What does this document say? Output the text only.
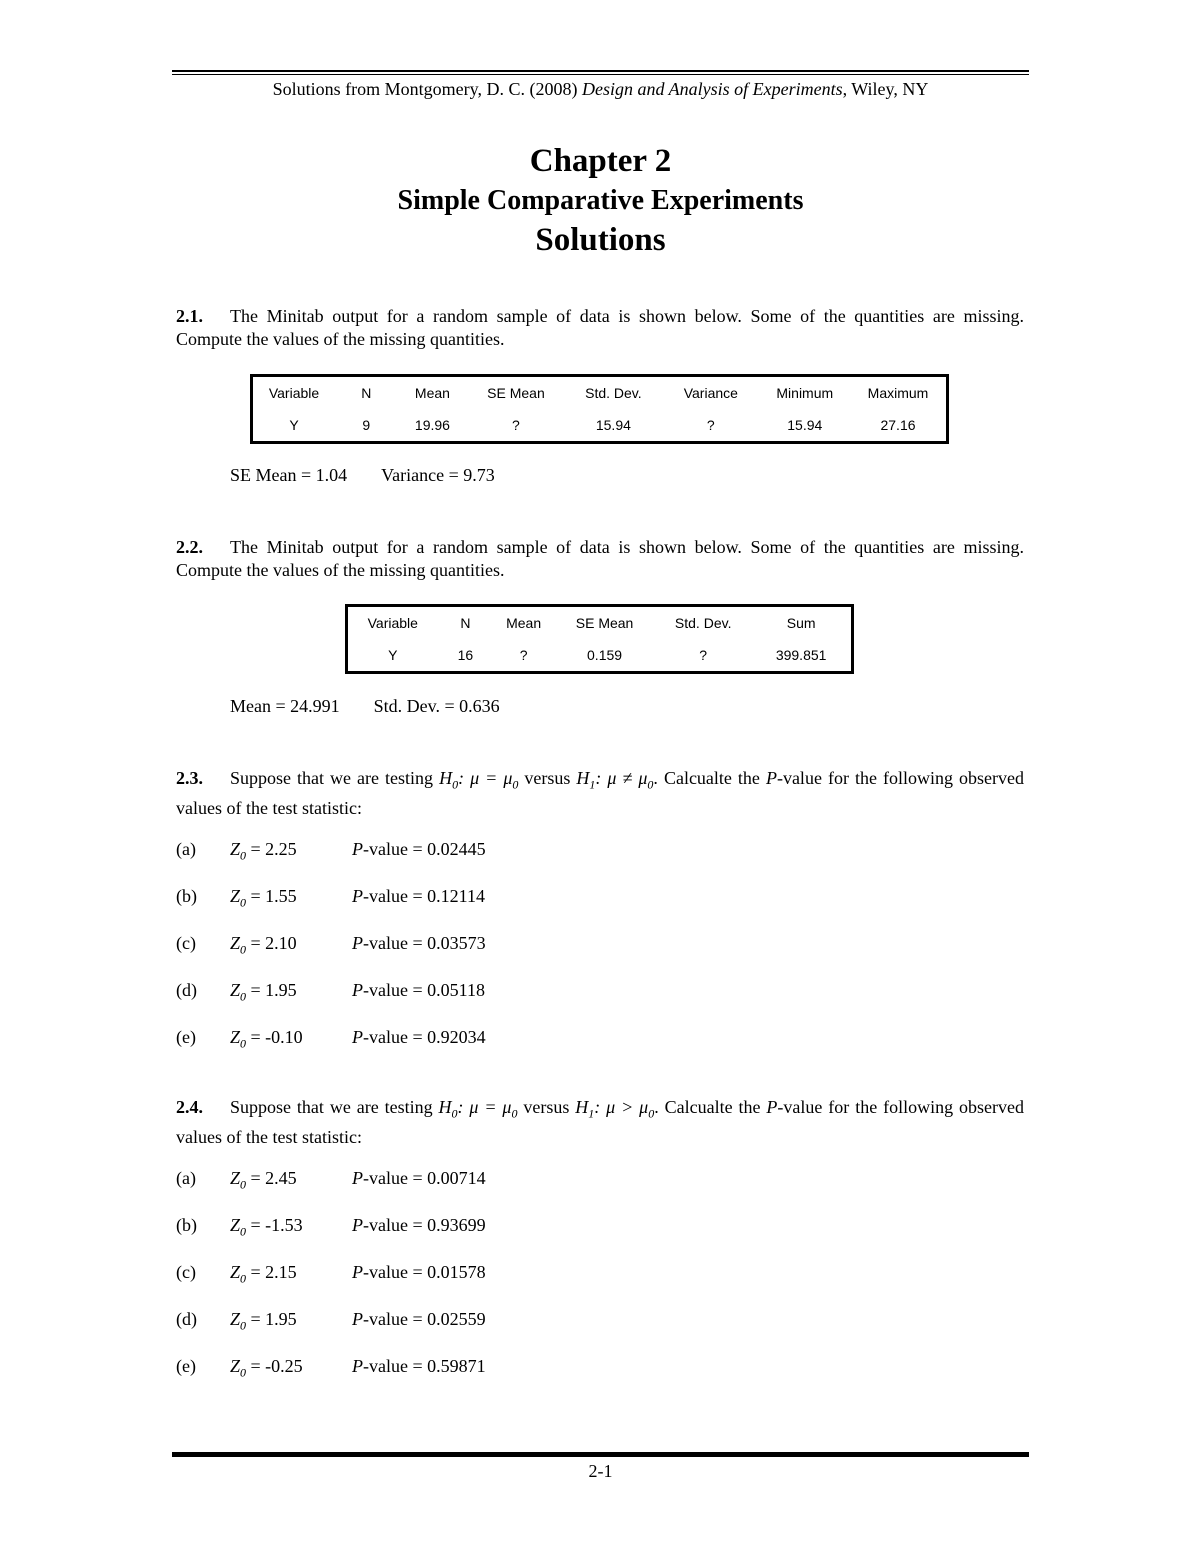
Solutions from Montgomery, D. C. (2008) Design and Analysis of Experiments, Wiley, NY
Chapter 2
Simple Comparative Experiments
Solutions
2.1. The Minitab output for a random sample of data is shown below. Some of the quantities are missing. Compute the values of the missing quantities.
Variable	N	Mean	SE Mean	Std. Dev.	Variance	Minimum	Maximum
Y	9	19.96	?	15.94	?	15.94	27.16
SE Mean = 1.04 Variance = 9.73
2.2. The Minitab output for a random sample of data is shown below. Some of the quantities are missing. Compute the values of the missing quantities.
Variable	N	Mean	SE Mean	Std. Dev.	Sum
Y	16	?	0.159	?	399.851
Mean = 24.991 Std. Dev. = 0.636
2.3. Suppose that we are testing $H_0$: $\mu = \mu_0$ versus $H_1$: $\mu \ne \mu_0$. Calcualte the P-value for the following observed values of the test statistic:
(a) $Z_0 = 2.25$	P-value = 0.02445
(b) $Z_0 = 1.55$	P-value = 0.12114
(c) $Z_0 = 2.10$	P-value = 0.03573
(d) $Z_0 = 1.95$	P-value = 0.05118
(e) $Z_0 = -0.10$	P-value = 0.92034
2.4. Suppose that we are testing $H_0$: $\mu = \mu_0$ versus $H_1$: $\mu > \mu_0$. Calcualte the P-value for the following observed values of the test statistic:
(a) $Z_0 = 2.45$	P-value = 0.00714
(b) $Z_0 = -1.53$	P-value = 0.93699
(c) $Z_0 = 2.15$	P-value = 0.01578
(d) $Z_0 = 1.95$	P-value = 0.02559
(e) $Z_0 = -0.25$	P-value = 0.59871
2-1
